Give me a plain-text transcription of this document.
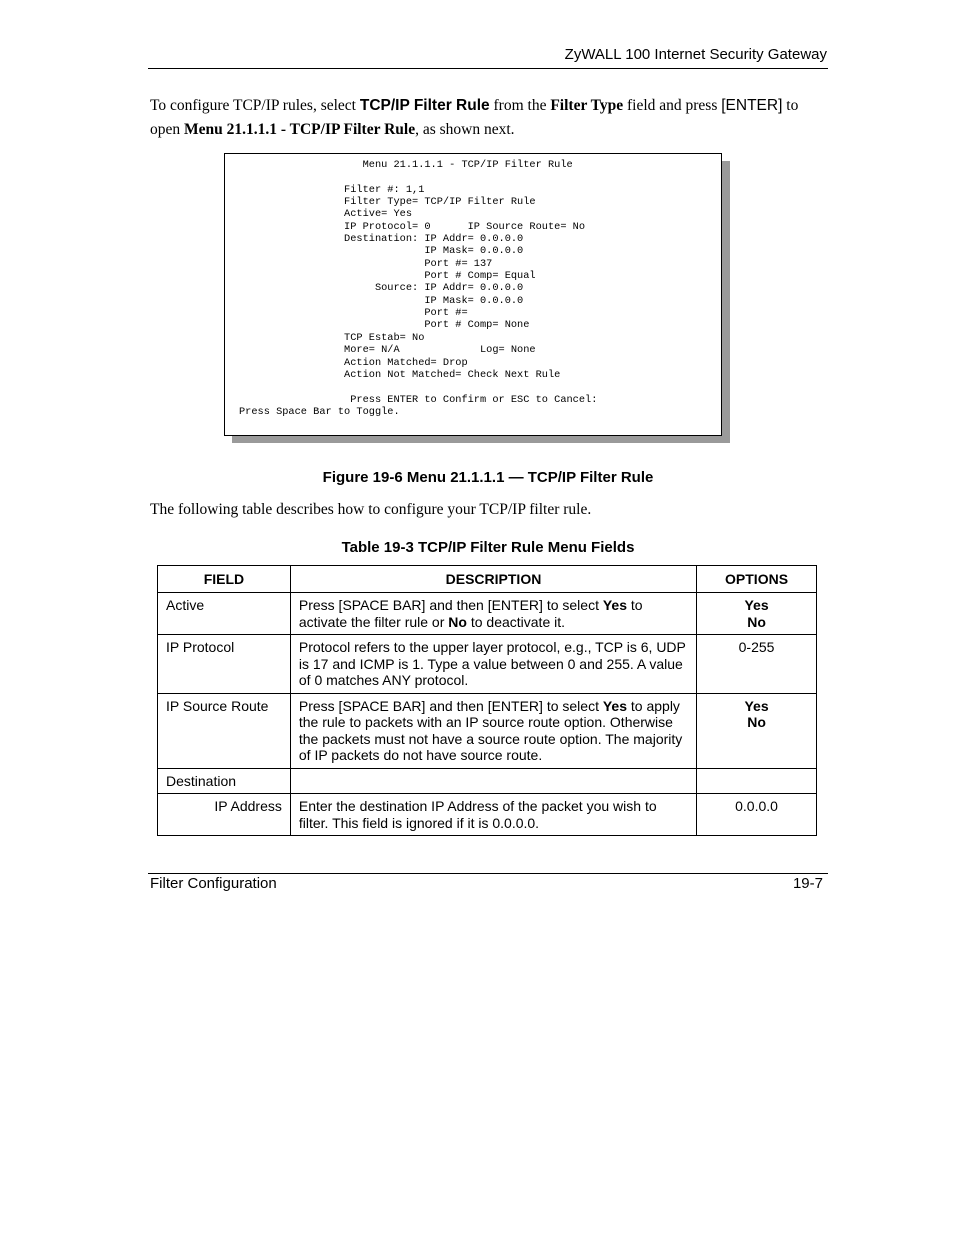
ZyWALL 100 Internet Security Gateway
To configure TCP/IP rules, select TCP/IP Filter Rule from the Filter Type field and press [ENTER] to open Menu 21.1.1.1 - TCP/IP Filter Rule, as shown next.
Menu 21.1.1.1 - TCP/IP Filter Rule

Filter #: 1,1
Filter Type= TCP/IP Filter Rule
Active= Yes
IP Protocol= 0      IP Source Route= No
Destination: IP Addr= 0.0.0.0
IP Mask= 0.0.0.0
Port #= 137
Port # Comp= Equal
Source: IP Addr= 0.0.0.0
IP Mask= 0.0.0.0
Port #=
Port # Comp= None
TCP Estab= No
More= N/A             Log= None
Action Matched= Drop
Action Not Matched= Check Next Rule

Press ENTER to Confirm or ESC to Cancel:
Press Space Bar to Toggle.
Figure 19-6 Menu 21.1.1.1 — TCP/IP Filter Rule
The following table describes how to configure your TCP/IP filter rule.
Table 19-3 TCP/IP Filter Rule Menu Fields
FIELD	DESCRIPTION	OPTIONS
Active	Press [SPACE BAR] and then [ENTER] to select Yes to activate the filter rule or No to deactivate it.	Yes
No

IP Protocol	Protocol refers to the upper layer protocol, e.g., TCP is 6, UDP is 17 and ICMP is 1. Type a value between 0 and 255. A value of 0 matches ANY protocol.	0-255
IP Source Route	Press [SPACE BAR] and then [ENTER] to select Yes to apply the rule to packets with an IP source route option. Otherwise the packets must not have a source route option. The majority of IP packets do not have source route.	Yes
No

Destination		
IP Address	Enter the destination IP Address of the packet you wish to filter. This field is ignored if it is 0.0.0.0.	0.0.0.0
Filter Configuration	19-7
